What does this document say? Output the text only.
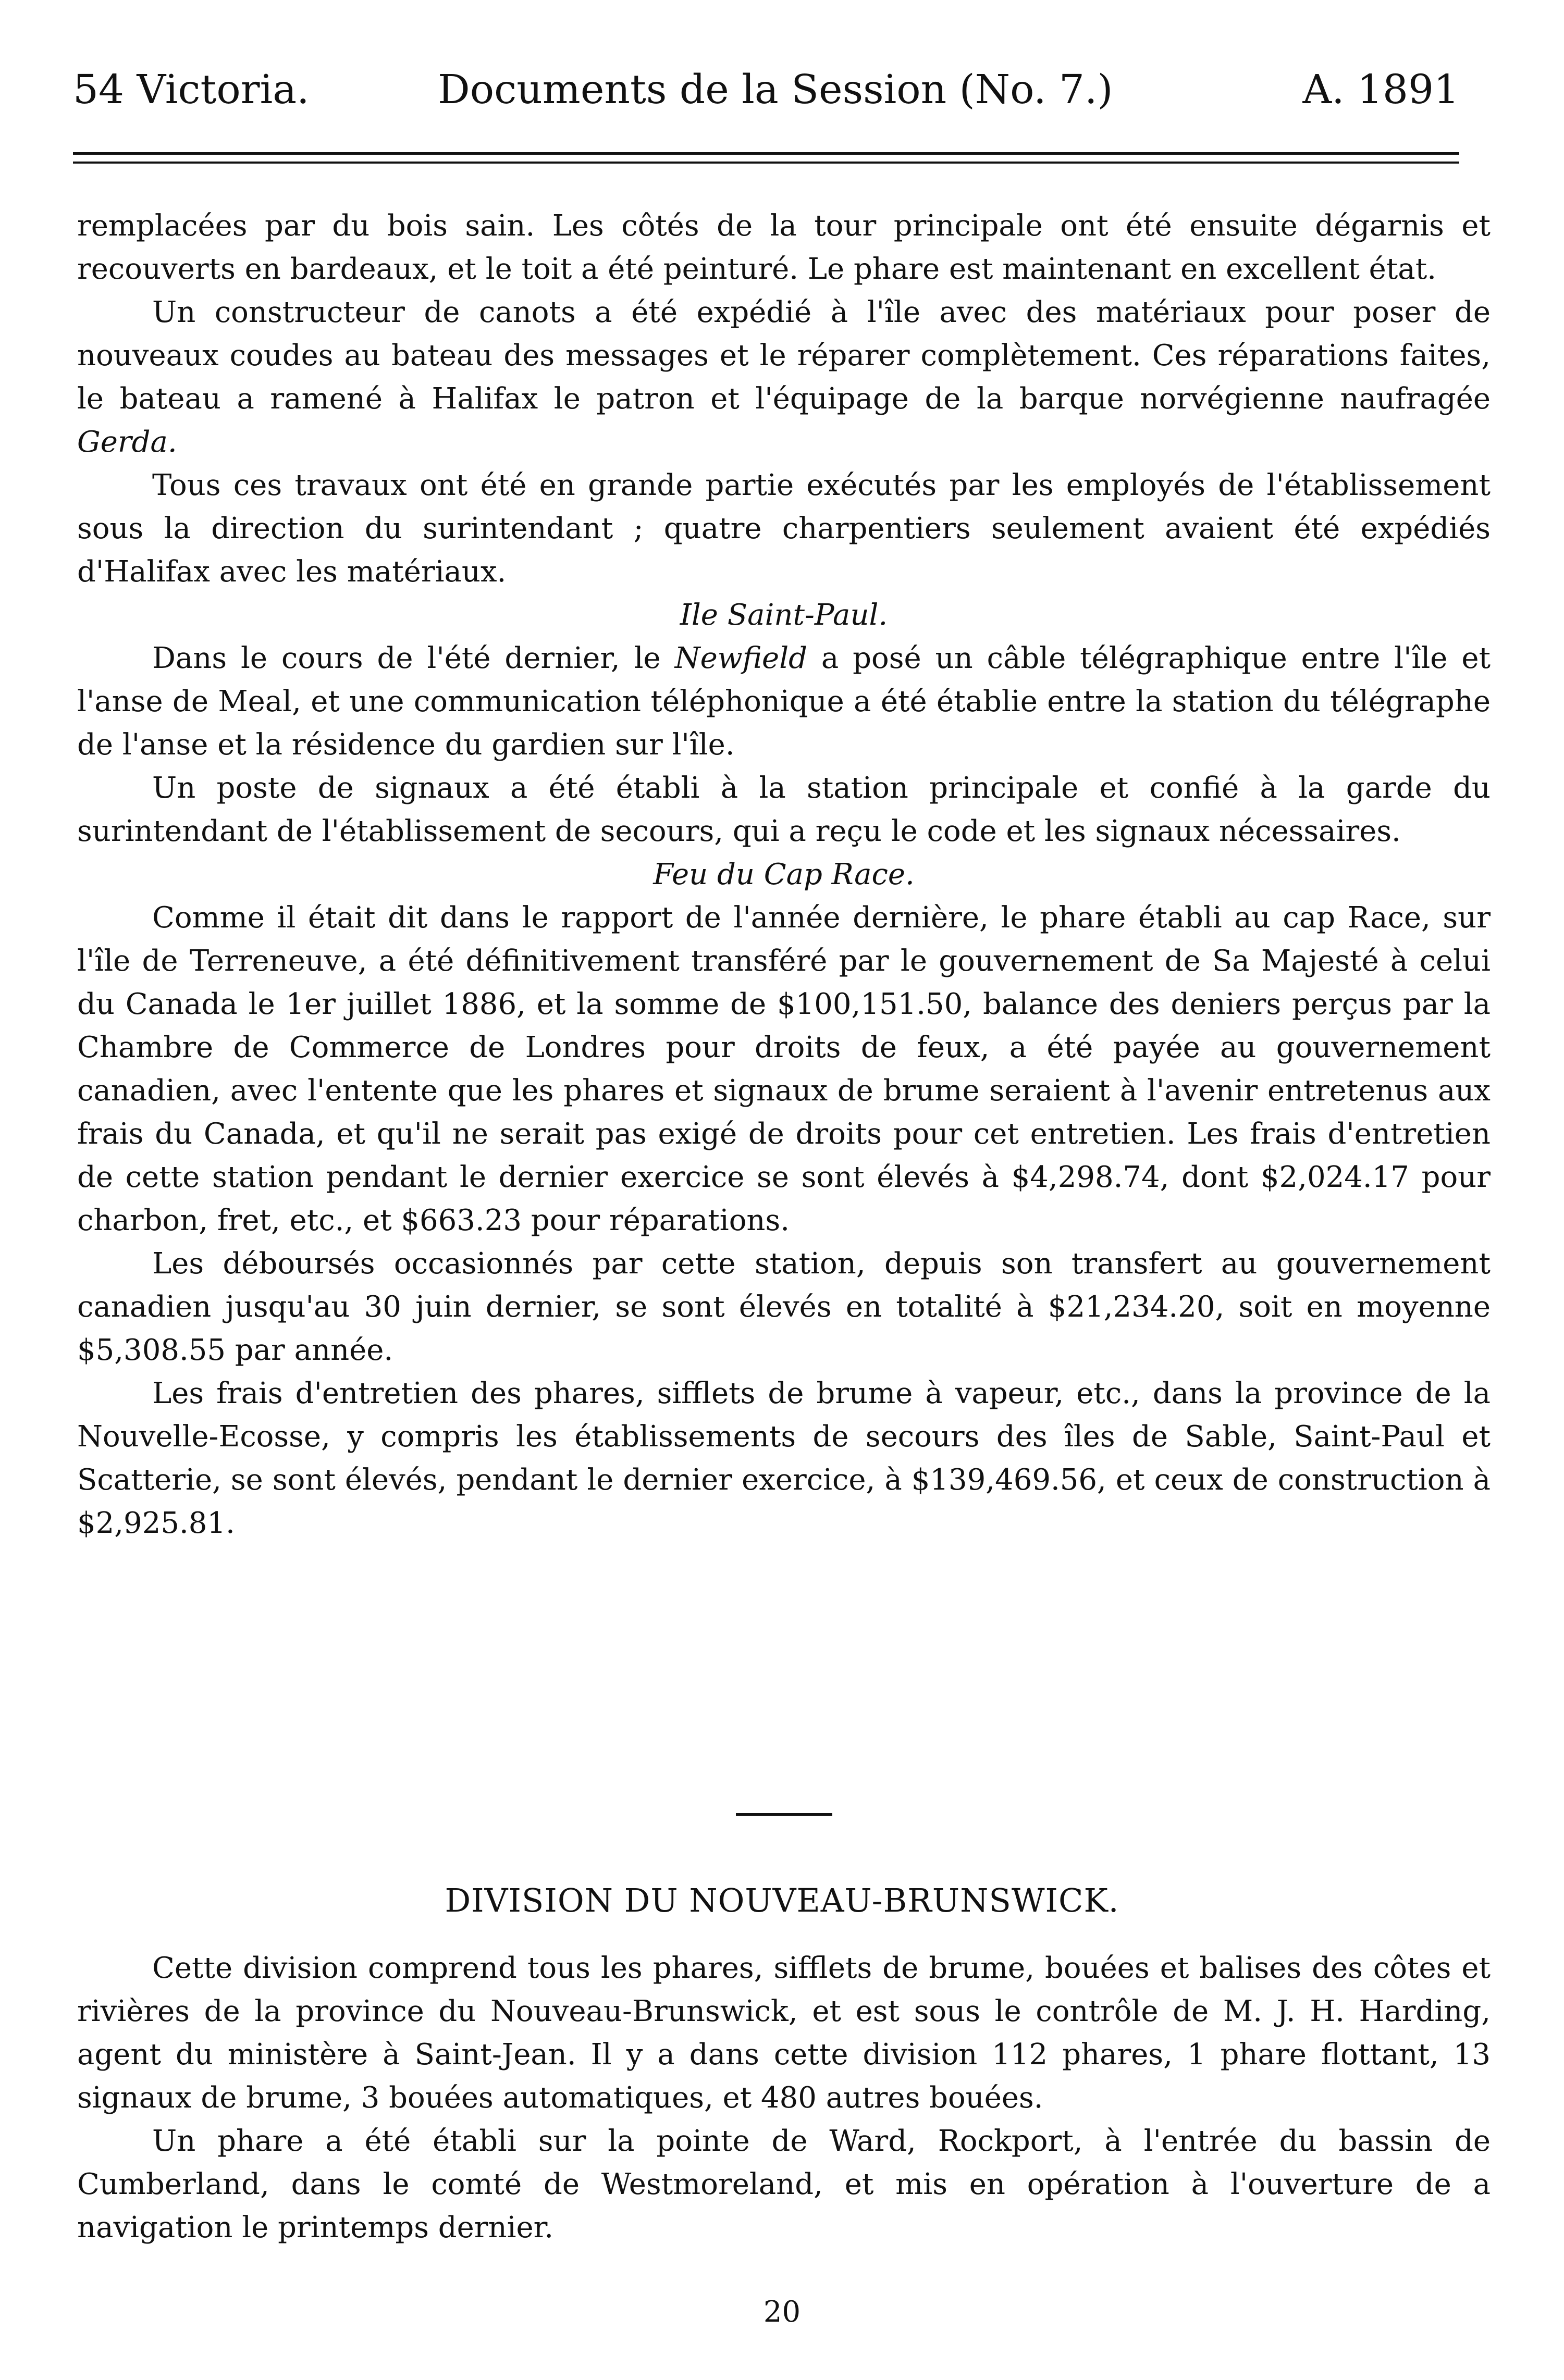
54 Victoria.	Documents de la Session (No. 7.)	A. 1891

remplacées par du bois sain. Les côtés de la tour principale ont été ensuite dégarnis et recouverts en bardeaux, et le toit a été peinturé. Le phare est maintenant en excellent état.

Un constructeur de canots a été expédié à l'île avec des matériaux pour poser de nouveaux coudes au bateau des messages et le réparer complètement. Ces réparations faites, le bateau a ramené à Halifax le patron et l'équipage de la barque norvégienne naufragée Gerda.

Tous ces travaux ont été en grande partie exécutés par les employés de l'établissement sous la direction du surintendant ; quatre charpentiers seulement avaient été expédiés d'Halifax avec les matériaux.

Ile Saint-Paul.

Dans le cours de l'été dernier, le Newfield a posé un câble télégraphique entre l'île et l'anse de Meal, et une communication téléphonique a été établie entre la station du télégraphe de l'anse et la résidence du gardien sur l'île.

Un poste de signaux a été établi à la station principale et confié à la garde du surintendant de l'établissement de secours, qui a reçu le code et les signaux nécessaires.

Feu du Cap Race.

Comme il était dit dans le rapport de l'année dernière, le phare établi au cap Race, sur l'île de Terreneuve, a été définitivement transféré par le gouvernement de Sa Majesté à celui du Canada le 1er juillet 1886, et la somme de $100,151.50, balance des deniers perçus par la Chambre de Commerce de Londres pour droits de feux, a été payée au gouvernement canadien, avec l'entente que les phares et signaux de brume seraient à l'avenir entretenus aux frais du Canada, et qu'il ne serait pas exigé de droits pour cet entretien. Les frais d'entretien de cette station pendant le dernier exercice se sont élevés à $4,298.74, dont $2,024.17 pour charbon, fret, etc., et $663.23 pour réparations.

Les déboursés occasionnés par cette station, depuis son transfert au gouvernement canadien jusqu'au 30 juin dernier, se sont élevés en totalité à $21,234.20, soit en moyenne $5,308.55 par année.

Les frais d'entretien des phares, sifflets de brume à vapeur, etc., dans la province de la Nouvelle-Ecosse, y compris les établissements de secours des îles de Sable, Saint-Paul et Scatterie, se sont élevés, pendant le dernier exercice, à $139,469.56, et ceux de construction à $2,925.81.

DIVISION DU NOUVEAU-BRUNSWICK.

Cette division comprend tous les phares, sifflets de brume, bouées et balises des côtes et rivières de la province du Nouveau-Brunswick, et est sous le contrôle de M. J. H. Harding, agent du ministère à Saint-Jean. Il y a dans cette division 112 phares, 1 phare flottant, 13 signaux de brume, 3 bouées automatiques, et 480 autres bouées.

Un phare a été établi sur la pointe de Ward, Rockport, à l'entrée du bassin de Cumberland, dans le comté de Westmoreland, et mis en opération à l'ouverture de a navigation le printemps dernier.

20
